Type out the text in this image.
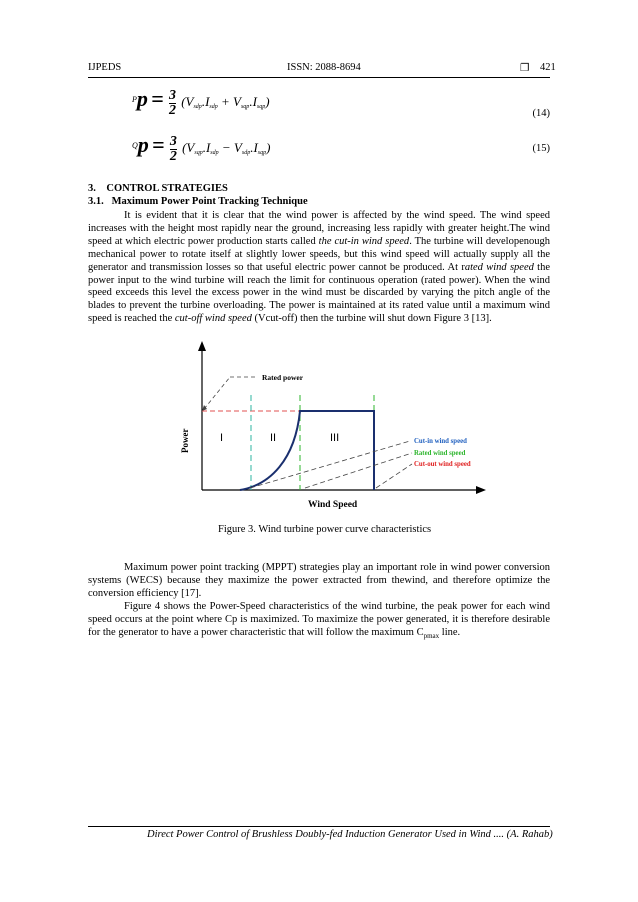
IJPEDS	ISSN: 2088-8694	❐ 421
$^Pp = \frac{3}{2} (V_{sdp}.I_{sdp} + V_{sqp}.I_{sqp})$
(14)
$^Qp = \frac{3}{2} (V_{sqp}.I_{sdp} - V_{sdp}.I_{sqp})$	(15)
3.    CONTROL STRATEGIES
3.1.   Maximum Power Point Tracking Technique

It is evident that it is clear that the wind power is affected by the wind speed. The wind speed increases with the height most rapidly near the ground, increasing less rapidly with greater height.The wind speed at which electric power production starts called the cut-in wind speed. The turbine will developenough mechanical power to rotate itself at slightly lower speeds, but this wind speed will actually supply all the generator and transmission losses so that useful electric power cannot be produced. At rated wind speed the power input to the wind turbine will reach the limit for continuous operation (rated power). When the wind speed exceeds this level the excess power in the wind must be discarded by varying the pitch angle of the blades to prevent the turbine overloading. The power is maintained at its rated value until a maximum wind speed is reached the cut-off wind speed (Vcut-off) then the turbine will shut down Figure 3 [13].

Rated power
I	II	III	Cut-in wind speed
Rated wind speed
Cut-out wind speed
Power
Wind Speed
Figure 3. Wind turbine power curve characteristics

Maximum power point tracking (MPPT) strategies play an important role in wind power conversion systems (WECS) because they maximize the power extracted from thewind, and therefore optimize the conversion efficiency [17].

Figure 4 shows the Power-Speed characteristics of the wind turbine, the peak power for each wind speed occurs at the point where Cp is maximized. To maximize the power generated, it is therefore desirable for the generator to have a power characteristic that will follow the maximum $C_{pmax}$ line.

Direct Power Control of Brushless Doubly-fed Induction Generator Used in Wind .... (A. Rahab)
